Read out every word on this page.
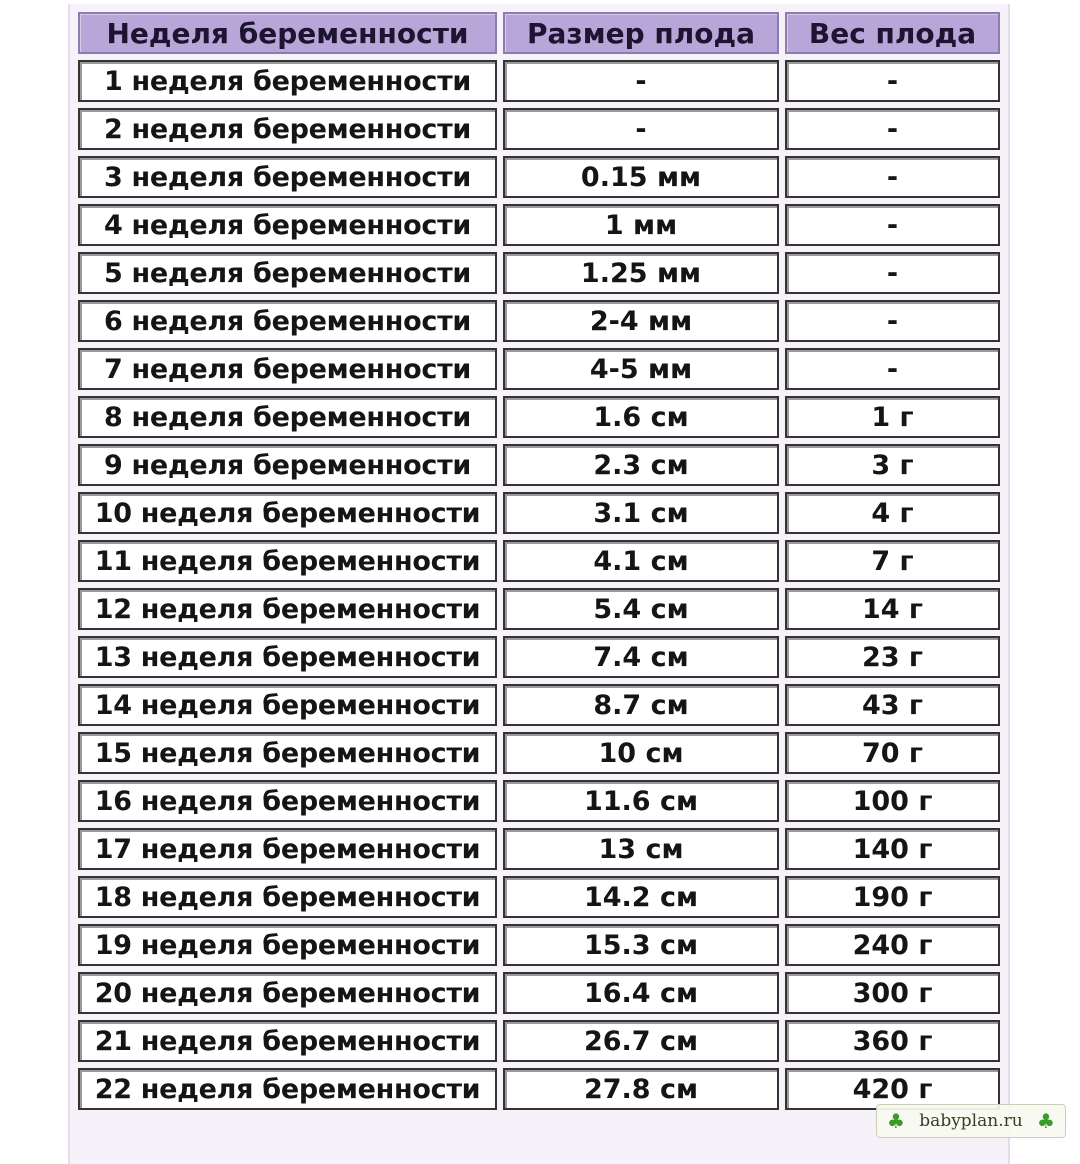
Неделя беременности	Размер плода	Вес плода
1 неделя беременности	-	-
2 неделя беременности	-	-
3 неделя беременности	0.15 мм	-
4 неделя беременности	1 мм	-
5 неделя беременности	1.25 мм	-
6 неделя беременности	2-4 мм	-
7 неделя беременности	4-5 мм	-
8 неделя беременности	1.6 см	1 г
9 неделя беременности	2.3 см	3 г
10 неделя беременности	3.1 см	4 г
11 неделя беременности	4.1 см	7 г
12 неделя беременности	5.4 см	14 г
13 неделя беременности	7.4 см	23 г
14 неделя беременности	8.7 см	43 г
15 неделя беременности	10 см	70 г
16 неделя беременности	11.6 см	100 г
17 неделя беременности	13 см	140 г
18 неделя беременности	14.2 см	190 г
19 неделя беременности	15.3 см	240 г
20 неделя беременности	16.4 см	300 г
21 неделя беременности	26.7 см	360 г
22 неделя беременности	27.8 см	420 г
♣ babyplan.ru ♣
